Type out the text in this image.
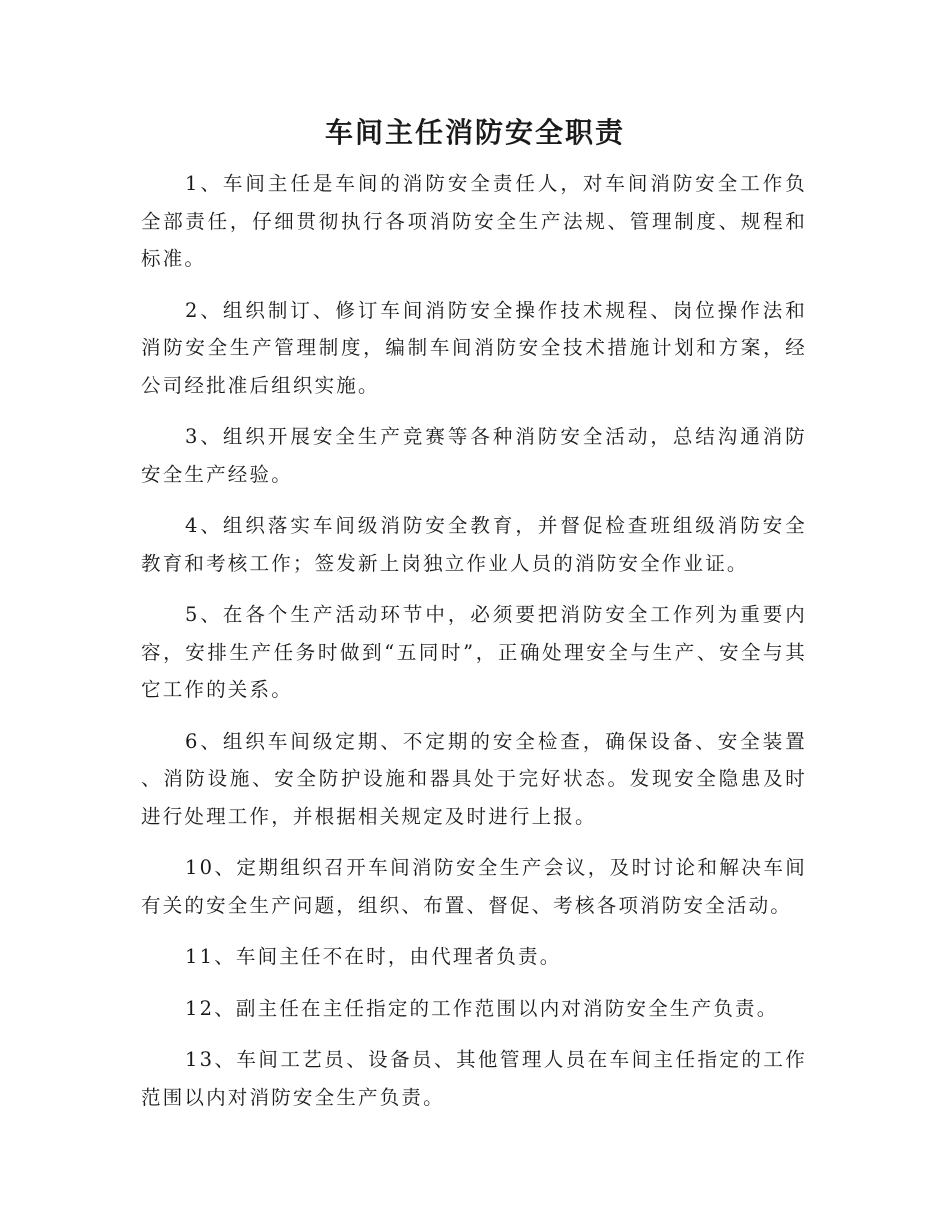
车间主任消防安全职责

1、车间主任是车间的消防安全责任人，对车间消防安全工作负全部责任，仔细贯彻执行各项消防安全生产法规、管理制度、规程和标准。

2、组织制订、修订车间消防安全操作技术规程、岗位操作法和消防安全生产管理制度，编制车间消防安全技术措施计划和方案，经公司经批准后组织实施。

3、组织开展安全生产竞赛等各种消防安全活动，总结沟通消防安全生产经验。

4、组织落实车间级消防安全教育，并督促检查班组级消防安全教育和考核工作；签发新上岗独立作业人员的消防安全作业证。

5、在各个生产活动环节中，必须要把消防安全工作列为重要内容，安排生产任务时做到“五同时”，正确处理安全与生产、安全与其它工作的关系。

6、组织车间级定期、不定期的安全检查，确保设备、安全装置、消防设施、安全防护设施和器具处于完好状态。发现安全隐患及时进行处理工作，并根据相关规定及时进行上报。

10、定期组织召开车间消防安全生产会议，及时讨论和解决车间有关的安全生产问题，组织、布置、督促、考核各项消防安全活动。

11、车间主任不在时，由代理者负责。

12、副主任在主任指定的工作范围以内对消防安全生产负责。

13、车间工艺员、设备员、其他管理人员在车间主任指定的工作范围以内对消防安全生产负责。
